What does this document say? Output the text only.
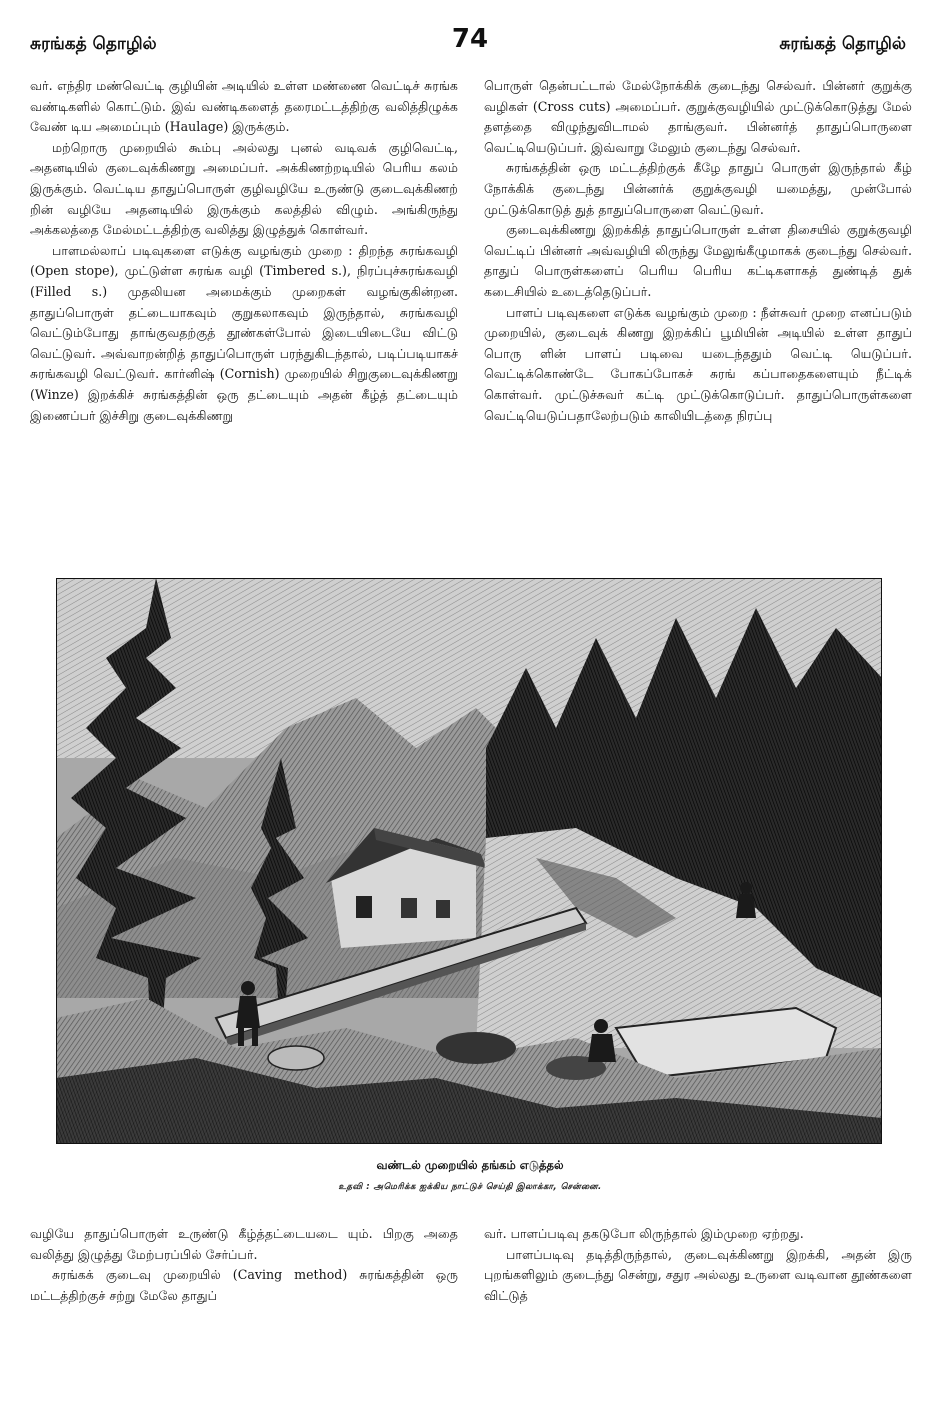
சுரங்கத் தொழில்	74	சுரங்கத் தொழில்

வர். எந்திர மண்வெட்டி குழியின் அடியில் உள்ள மண்ணை வெட்டிச் சுரங்க வண்டிகளில் கொட்டும். இவ் வண்டிகளைத் தரைமட்டத்திற்கு வலித்திழுக்க வேண் டிய அமைப்பும் (Haulage) இருக்கும்.

மற்றொரு முறையில் கூம்பு அல்லது புனல் வடிவக் குழிவெட்டி, அதனடியில் குடைவுக்கிணறு அமைப்பர். அக்கிணற்றடியில் பெரிய கலம் இருக்கும். வெட்டிய தாதுப்பொருள் குழிவழியே உருண்டு குடைவுக்கிணற் றின் வழியே அதனடியில் இருக்கும் கலத்தில் விழும். அங்கிருந்து அக்கலத்தை மேல்மட்டத்திற்கு வலித்து இழுத்துக் கொள்வர்.

பாளமல்லாப் படிவுகளை எடுக்கு வழங்கும் முறை : திறந்த சுரங்கவழி (Open stope), முட்டுள்ள சுரங்க வழி (Timbered s.), நிரப்புச்சுரங்கவழி (Filled s.) முதலியன அமைக்கும் முறைகள் வழங்குகின்றன. தாதுப்பொருள் தட்டையாகவும் குறுகலாகவும் இருந்தால், சுரங்கவழி வெட்டும்போது தாங்குவதற்குத் தூண்கள்போல் இடையிடையே விட்டு வெட்டுவர். அவ்வாறன்றித் தாதுப்பொருள் பரந்துகிடந்தால், படிப்படியாகச் சுரங்கவழி வெட்டுவர். கார்னிஷ் (Cornish) முறையில் சிறுகுடைவுக்கிணறு (Winze) இறக்கிச் சுரங்கத்தின் ஒரு தட்டையும் அதன் கீழ்த் தட்டையும் இணைப்பர் இச்சிறு குடைவுக்கிணறு

பொருள் தென்பட்டால் மேல்நோக்கிக் குடைந்து செல்வர். பின்னர் குறுக்கு வழிகள் (Cross cuts) அமைப்பர். குறுக்குவழியில் முட்டுக்கொடுத்து மேல் தளத்தை விழுந்துவிடாமல் தாங்குவர். பின்னர்த் தாதுப்பொருளை வெட்டியெடுப்பர். இவ்வாறு மேலும் குடைந்து செல்வர்.

சுரங்கத்தின் ஒரு மட்டத்திற்குக் கீழே தாதுப் பொருள் இருந்தால் கீழ் நோக்கிக் குடைந்து பின்னர்க் குறுக்குவழி யமைத்து, முன்போல் முட்டுக்கொடுத் துத் தாதுப்பொருளை வெட்டுவர்.

குடைவுக்கிணறு இறக்கித் தாதுப்பொருள் உள்ள திசையில் குறுக்குவழி வெட்டிப் பின்னர் அவ்வழியி லிருந்து மேலுங்கீழுமாகக் குடைந்து செல்வர். தாதுப் பொருள்களைப் பெரிய பெரிய கட்டிகளாகத் துண்டித் துக் கடைசியில் உடைத்தெடுப்பர்.

பாளப் படிவுகளை எடுக்க வழங்கும் முறை : நீள்சுவர் முறை எனப்படும் முறையில், குடைவுக் கிணறு இறக்கிப் பூமியின் அடியில் உள்ள தாதுப் பொரு ளின் பாளப் படிவை யடைந்ததும் வெட்டி யெடுப்பர். வெட்டிக்கொண்டே போகப்போகச் சுரங் கப்பாதைகளையும் நீட்டிக் கொள்வர். முட்டுச்சுவர் கட்டி முட்டுக்கொடுப்பர். தாதுப்பொருள்களை வெட்டியெடுப்பதாலேற்படும் காலியிடத்தை நிரப்பு

வண்டல் முறையில் தங்கம் எடுத்தல்
உதவி : அமெரிக்க ஐக்கிய நாட்டுச் செய்தி இலாக்கா, சென்னை.

வழியே தாதுப்பொருள் உருண்டு கீழ்த்தட்டையடை யும். பிறகு அதை வலித்து இழுத்து மேற்பரப்பில் சேர்ப்பர்.

சுரங்கக் குடைவு முறையில் (Caving method) சுரங்கத்தின் ஒரு மட்டத்திற்குச் சற்று மேலே தாதுப்

வர். பாளப்படிவு தகடுபோ லிருந்தால் இம்முறை ஏற்றது.

பாளப்படிவு தடித்திருந்தால், குடைவுக்கிணறு இறக்கி, அதன் இரு புறங்களிலும் குடைந்து சென்று, சதுர அல்லது உருளை வடிவான தூண்களை விட்டுத்
